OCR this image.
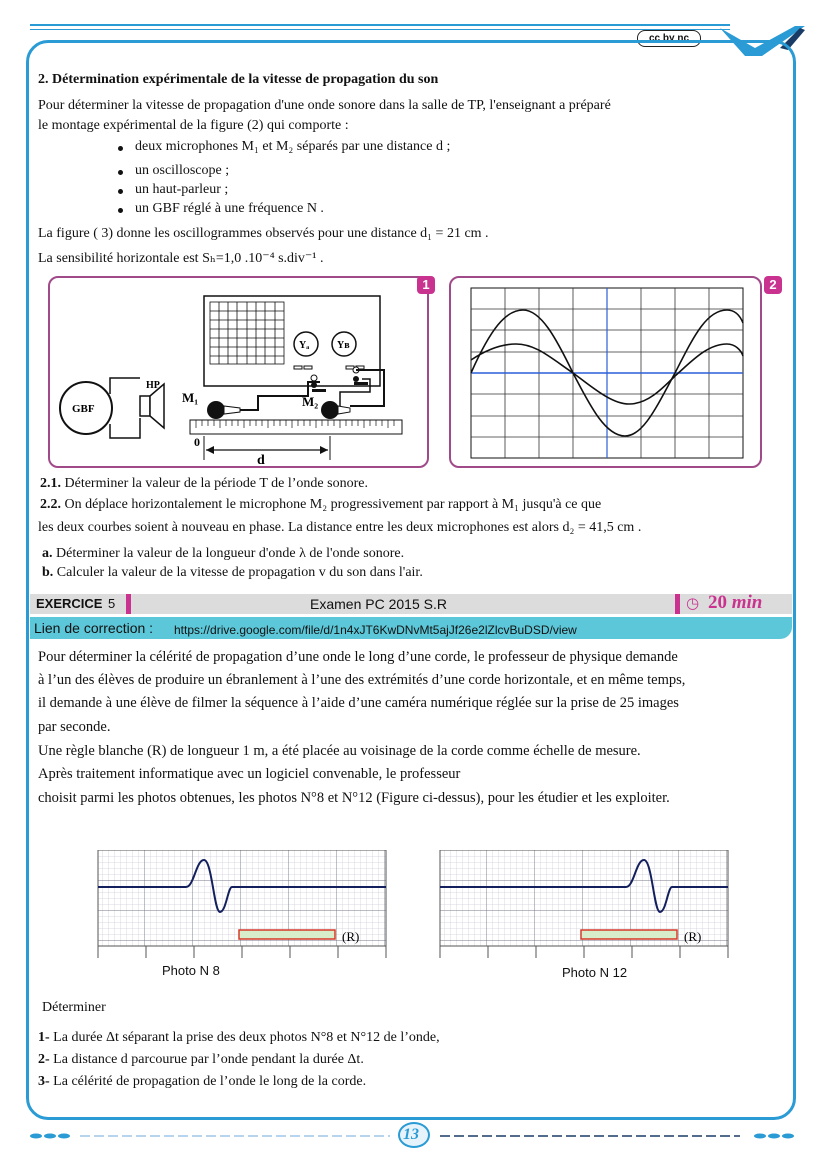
cc by nc
2. Détermination expérimentale de la vitesse de propagation du son
Pour déterminer la vitesse de propagation d'une onde sonore dans la salle de TP, l'enseignant a préparé
le montage expérimental de la figure (2) qui comporte :
deux microphones M₁ et M₂ séparés par une distance d ;
un oscilloscope ;
un haut-parleur ;
un GBF réglé à une fréquence N .
La figure ( 3) donne les oscillogrammes observés pour une distance d₁ = 21 cm .
La sensibilité horizontale est Sₕ=1,0 .10⁻⁴ s.div⁻¹ .
Yₐ	Yʙ
GBF
HP
M₁	M₂
0
d
1	2
2.1. Déterminer la valeur de la période T de l’onde sonore.
2.2. On déplace horizontalement le microphone M₂ progressivement par rapport à M₁ jusqu'à ce que
les deux courbes soient à nouveau en phase. La distance entre les deux microphones est alors d₂ = 41,5 cm .
a. Déterminer la valeur de la longueur d'onde λ de l'onde sonore.
b. Calculer la valeur de la vitesse de propagation v du son dans l'air.
EXERCICE 5	Examen PC 2015 S.R	◷ 20 min
Lien de correction : https://drive.google.com/file/d/1n4xJT6KwDNvMt5ajJf26e2lZlcvBuDSD/view
Pour déterminer la célérité de propagation d’une onde le long d’une corde, le professeur de physique demande
à l’un des élèves de produire un ébranlement à l’une des extrémités d’une corde horizontale, et en même temps,
il demande à une élève de filmer la séquence à l’aide d’une caméra numérique réglée sur la prise de 25 images
par seconde.
Une règle blanche (R) de longueur 1 m, a été placée au voisinage de la corde comme échelle de mesure.
Après traitement informatique avec un logiciel convenable, le professeur
choisit parmi les photos obtenues, les photos N°8 et N°12 (Figure ci-dessus), pour les étudier et les exploiter.
(R)
Photo N 8
(R)
Photo N 12
Déterminer
1- La durée Δt séparant la prise des deux photos N°8 et N°12 de l’onde,
2- La distance d parcourue par l’onde pendant la durée Δt.
3- La célérité de propagation de l’onde le long de la corde.
13
